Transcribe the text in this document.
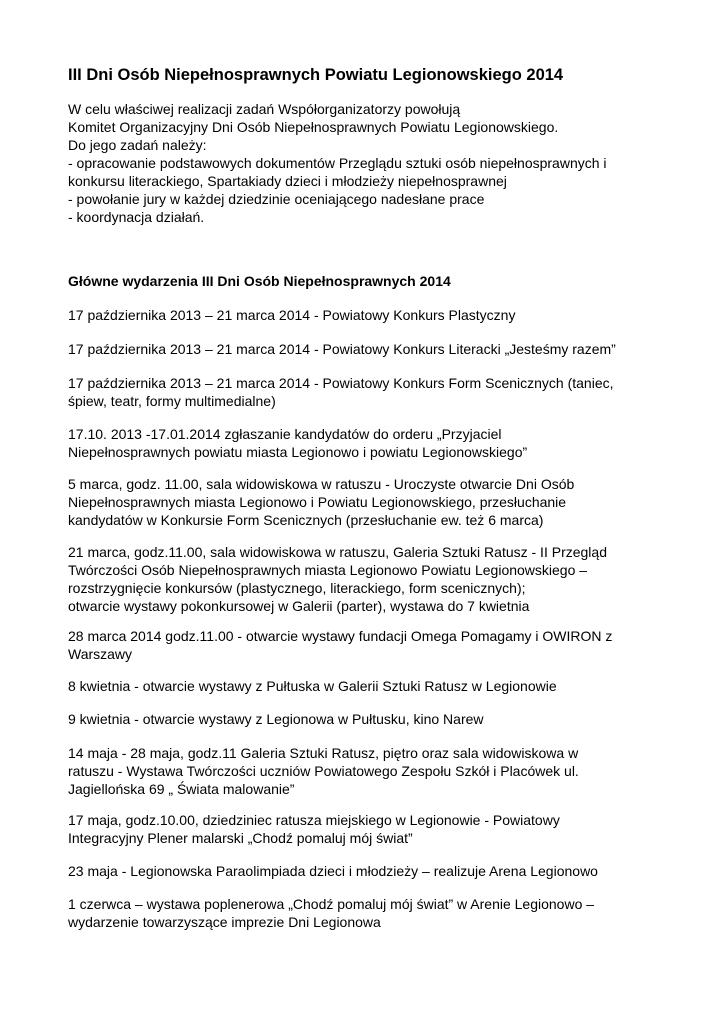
III Dni Osób Niepełnosprawnych Powiatu Legionowskiego 2014
W celu właściwej realizacji zadań Współorganizatorzy powołują
Komitet Organizacyjny Dni Osób Niepełnosprawnych Powiatu Legionowskiego.
Do jego zadań należy:
- opracowanie podstawowych dokumentów Przeglądu sztuki osób niepełnosprawnych i
konkursu literackiego, Spartakiady dzieci i młodzieży niepełnosprawnej
- powołanie jury w każdej dziedzinie oceniającego nadesłane prace
- koordynacja działań.
Główne wydarzenia III Dni Osób Niepełnosprawnych 2014
17 października 2013 – 21 marca 2014 - Powiatowy Konkurs Plastyczny
17 października 2013 – 21 marca 2014 - Powiatowy Konkurs Literacki „Jesteśmy razem”
17 października 2013 – 21 marca 2014 - Powiatowy Konkurs Form Scenicznych (taniec,
śpiew, teatr, formy multimedialne)
17.10. 2013 -17.01.2014 zgłaszanie kandydatów do orderu „Przyjaciel
Niepełnosprawnych powiatu miasta Legionowo i powiatu Legionowskiego”
5 marca, godz. 11.00, sala widowiskowa w ratuszu - Uroczyste otwarcie Dni Osób
Niepełnosprawnych miasta Legionowo i Powiatu Legionowskiego, przesłuchanie
kandydatów w Konkursie Form Scenicznych (przesłuchanie ew. też 6 marca)
21 marca, godz.11.00, sala widowiskowa w ratuszu, Galeria Sztuki Ratusz - II Przegląd
Twórczości Osób Niepełnosprawnych miasta Legionowo Powiatu Legionowskiego –
rozstrzygnięcie konkursów (plastycznego, literackiego, form scenicznych);
otwarcie wystawy pokonkursowej w Galerii (parter), wystawa do 7 kwietnia
28 marca 2014 godz.11.00 - otwarcie wystawy fundacji Omega Pomagamy i OWIRON z
Warszawy
8 kwietnia - otwarcie wystawy z Pułtuska w Galerii Sztuki Ratusz w Legionowie
9 kwietnia - otwarcie wystawy z Legionowa w Pułtusku, kino Narew
14 maja - 28 maja, godz.11 Galeria Sztuki Ratusz, piętro oraz sala widowiskowa w
ratuszu - Wystawa Twórczości uczniów Powiatowego Zespołu Szkół i Placówek ul.
Jagiellońska 69 „ Świata malowanie”
17 maja, godz.10.00, dziedziniec ratusza miejskiego w Legionowie - Powiatowy
Integracyjny Plener malarski „Chodź pomaluj mój świat”
23 maja - Legionowska Paraolimpiada dzieci i młodzieży – realizuje Arena Legionowo
1 czerwca – wystawa poplenerowa „Chodź pomaluj mój świat” w Arenie Legionowo –
wydarzenie towarzyszące imprezie Dni Legionowa
